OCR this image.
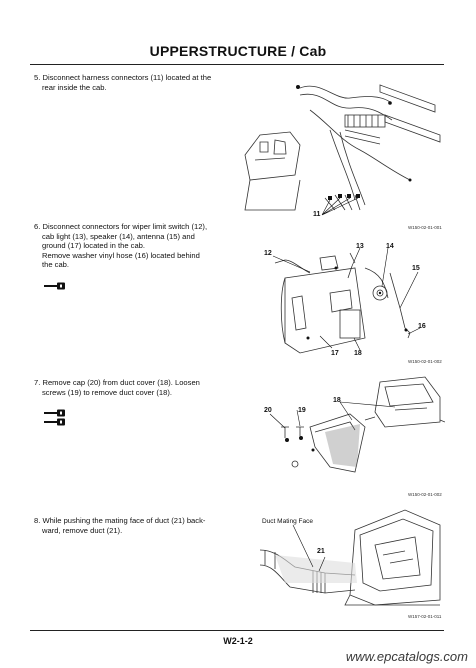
UPPERSTRUCTURE / Cab
5. Disconnect harness connectors (11) located at the
rear inside the cab.
11
W150-02-01-001
6. Disconnect connectors for wiper limit switch (12),
cab light (13), speaker (14), antenna (15) and
ground (17) located in the cab.
Remove washer vinyl hose (16) located behind
the cab.
12
13	14
15
16
17 18
W150-02-01-002
7. Remove cap (20) from duct cover (18). Loosen
screws (19) to remove duct cover (18).
20	19
18
W150-02-01-002
8. While pushing the mating face of duct (21) back-
ward, remove duct (21).
Duct Mating Face
21
W157-02-01-011
W2-1-2
www.epcatalogs.com
